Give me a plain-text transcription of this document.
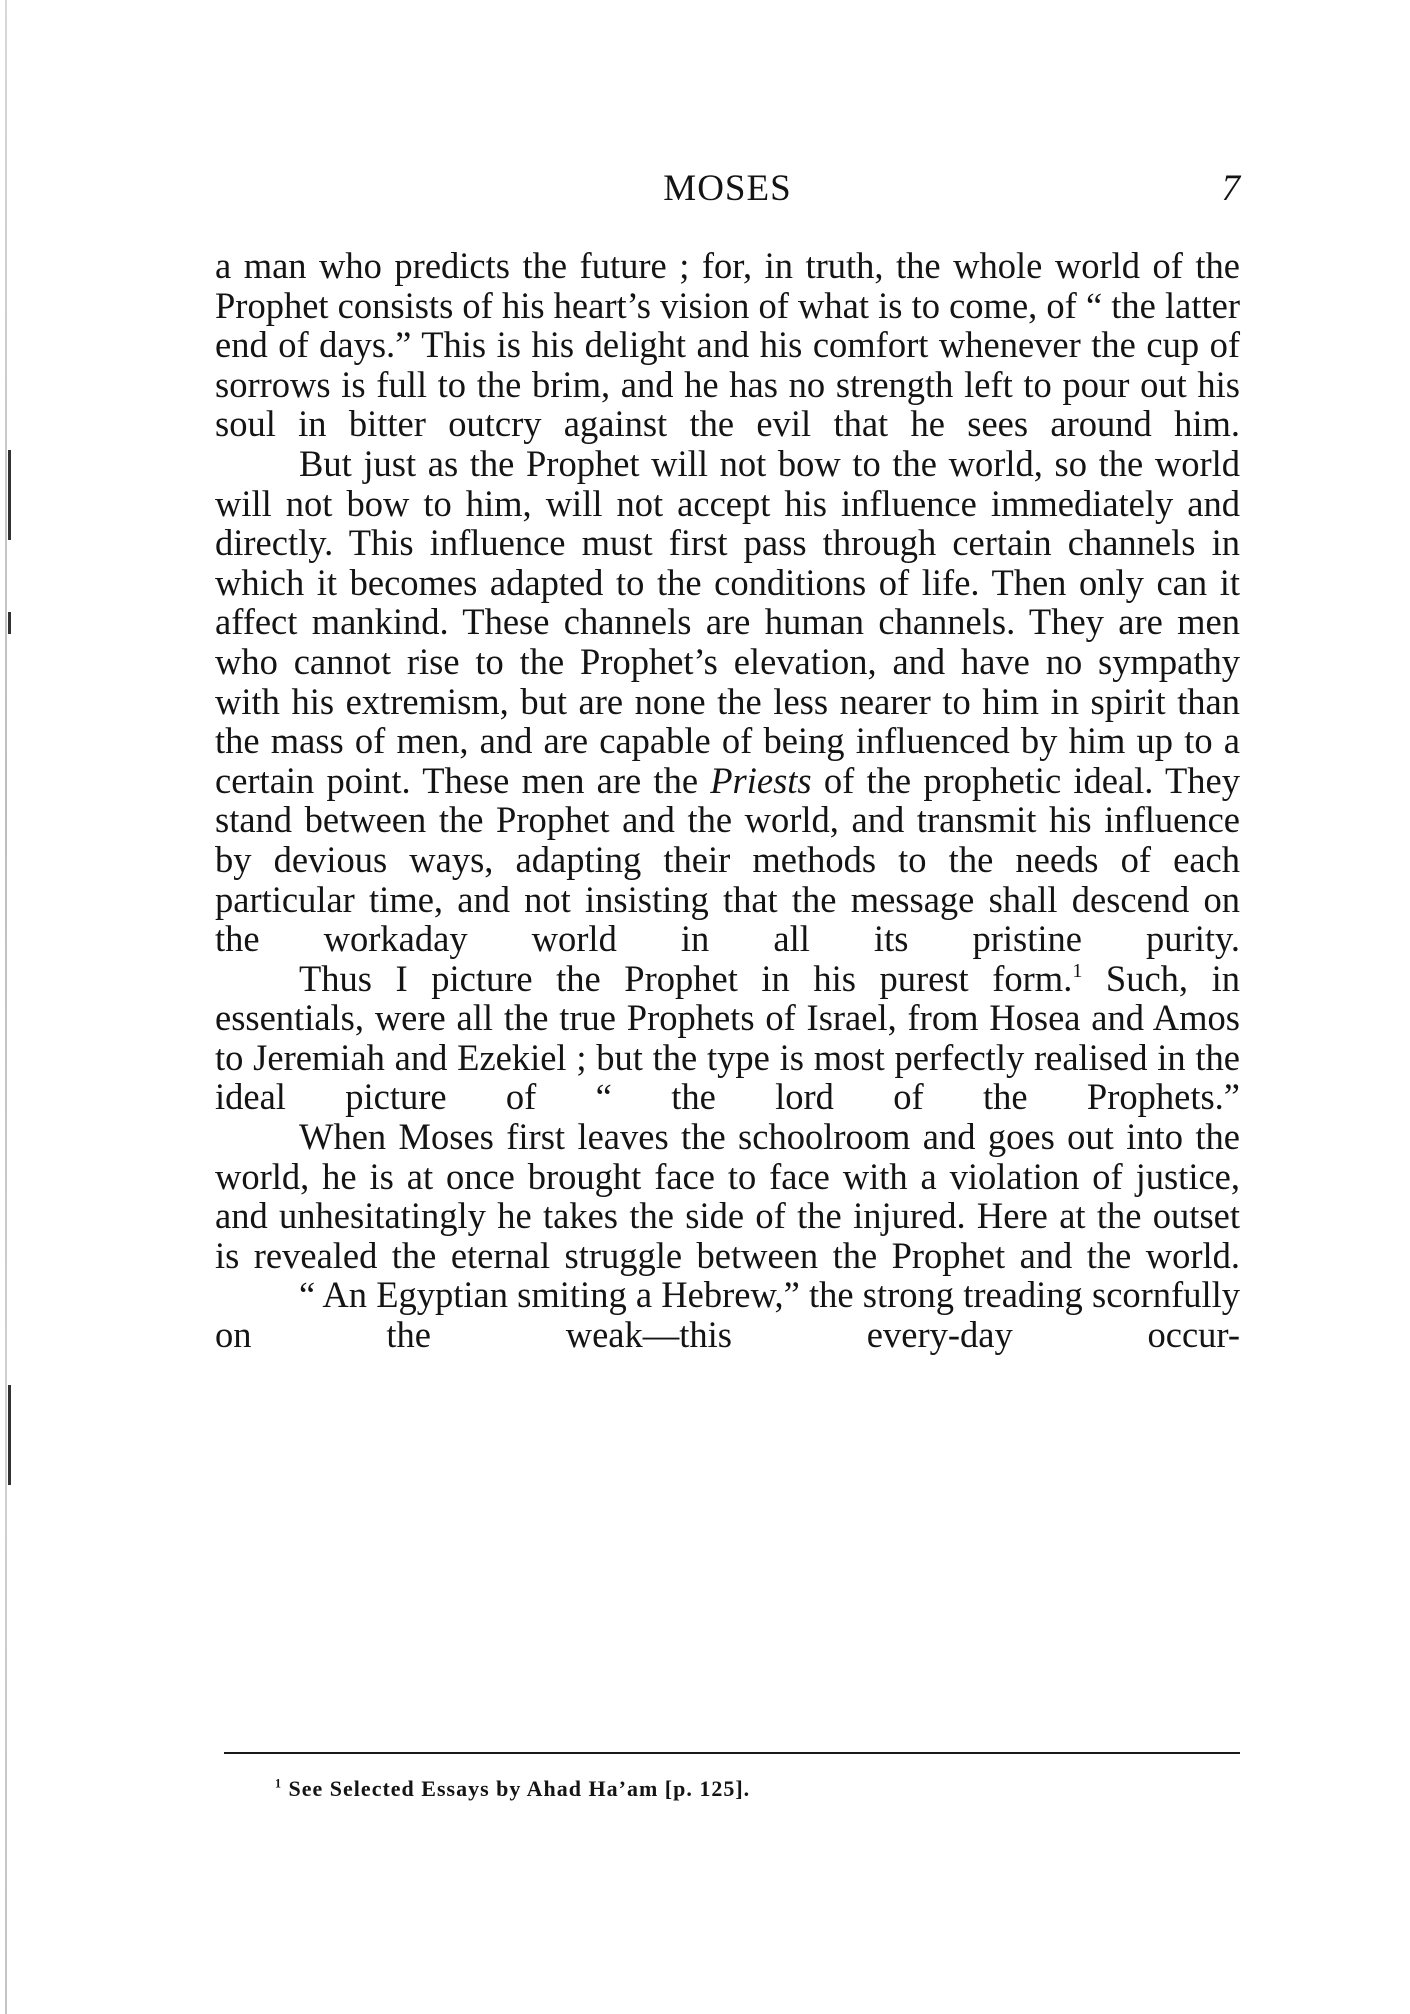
MOSES	7

a man who predicts the future ; for, in truth, the whole world of the Prophet consists of his heart’s vision of what is to come, of “ the latter end of days.” This is his delight and his comfort whenever the cup of sorrows is full to the brim, and he has no strength left to pour out his soul in bitter outcry against the evil that he sees around him.

But just as the Prophet will not bow to the world, so the world will not bow to him, will not accept his influence immediately and directly. This influence must first pass through certain channels in which it becomes adapted to the conditions of life. Then only can it affect mankind. These channels are human channels. They are men who cannot rise to the Prophet’s elevation, and have no sympathy with his extremism, but are none the less nearer to him in spirit than the mass of men, and are capable of being influenced by him up to a certain point. These men are the Priests of the prophetic ideal. They stand between the Prophet and the world, and transmit his influence by devious ways, adapting their methods to the needs of each particular time, and not insisting that the message shall descend on the workaday world in all its pristine purity.

Thus I picture the Prophet in his purest form.$^1$ Such, in essentials, were all the true Prophets of Israel, from Hosea and Amos to Jeremiah and Ezekiel ; but the type is most perfectly realised in the ideal picture of “ the lord of the Prophets.”

When Moses first leaves the schoolroom and goes out into the world, he is at once brought face to face with a violation of justice, and unhesitatingly he takes the side of the injured. Here at the outset is revealed the eternal struggle between the Prophet and the world.

“ An Egyptian smiting a Hebrew,” the strong treading scornfully on the weak—this every-day occur-

$^1$ See Selected Essays by Ahad Ha’am [p. 125].
